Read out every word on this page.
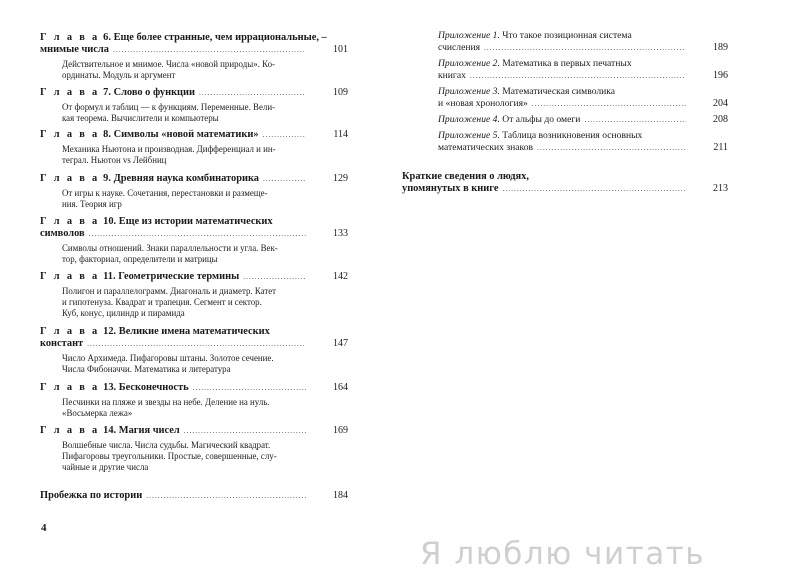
Г л а в а 6. Еще более странные, чем иррациональные, –
мнимые числа .....	101
Действительное и мнимое. Числа «новой природы». Ко-
ординаты. Модуль и аргумент
Г л а в а 7. Слово о функции .....	109
От формул и таблиц — к функциям. Переменные. Вели-
кая теорема. Вычислители и компьютеры
Г л а в а 8. Символы «новой математики» .....	114
Механика Ньютона и производная. Дифференциал и ин-
теграл. Ньютон vs Лейбниц
Г л а в а 9. Древняя наука комбинаторика .....	129
От игры к науке. Сочетания, перестановки и размеще-
ния. Теория игр
Г л а в а 10. Еще из истории математических
символов .....	133
Символы отношений. Знаки параллельности и угла. Век-
тор, факториал, определители и матрицы
Г л а в а 11. Геометрические термины .....	142
Полигон и параллелограмм. Диагональ и диаметр. Катет
и гипотенуза. Квадрат и трапеция. Сегмент и сектор.
Куб, конус, цилиндр и пирамида
Г л а в а 12. Великие имена математических
констант .....	147
Число Архимеда. Пифагоровы штаны. Золотое сечение.
Числа Фибоначчи. Математика и литература
Г л а в а 13. Бесконечность .....	164
Песчинки на пляже и звезды на небе. Деление на нуль.
«Восьмерка лежа»
Г л а в а 14. Магия чисел .....	169
Волшебные числа. Числа судьбы. Магический квадрат.
Пифагоровы треугольники. Простые, совершенные, слу-
чайные и другие числа
Пробежка по истории .....	184
4
Приложение 1. Что такое позиционная система
счисления .....	189
Приложение 2. Математика в первых печатных
книгах .....	196
Приложение 3. Математическая символика
и «новая хронология» .....	204
Приложение 4. От альфы до омеги .....	208
Приложение 5. Таблица возникновения основных
математических знаков .....	211
Краткие сведения о людях,
упомянутых в книге .....	213
Я люблю читать
